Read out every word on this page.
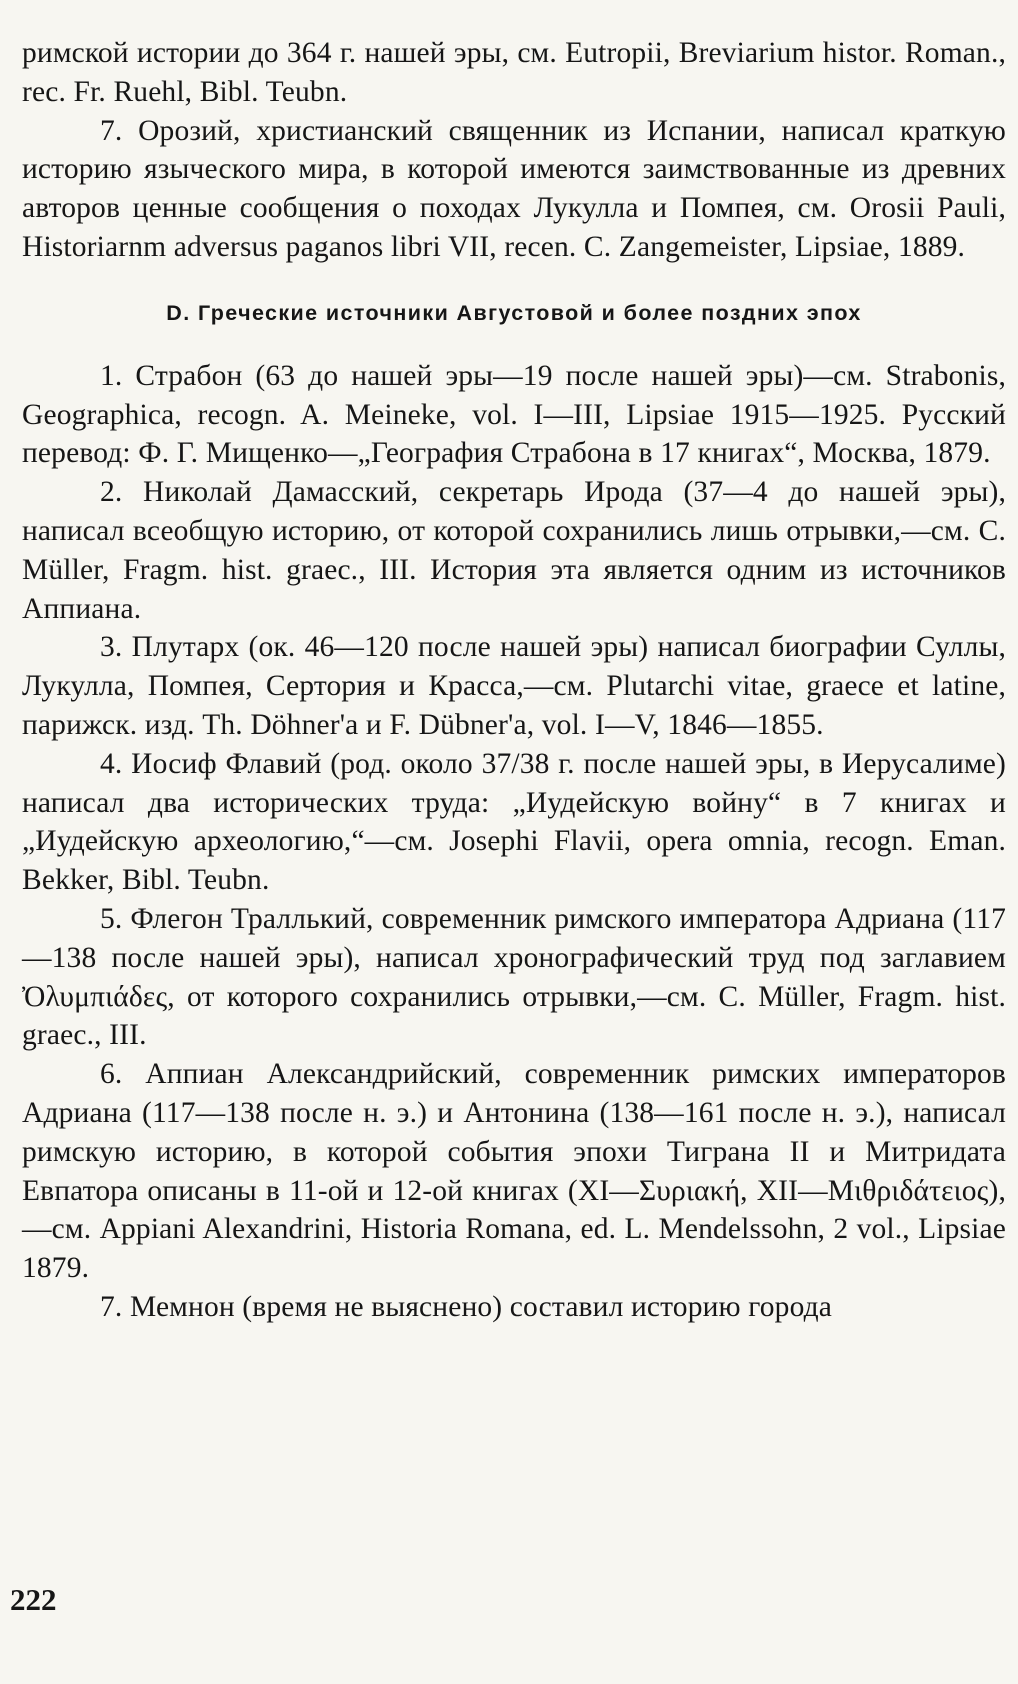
римской истории до 364 г. нашей эры, см. Eutropii, Breviarium histor. Roman., rec. Fr. Ruehl, Bibl. Teubn.

7. Орозий, христианский священник из Испании, написал краткую историю языческого мира, в которой имеются заимствованные из древних авторов ценные сообщения о походах Лукулла и Помпея, см. Orosii Pauli, Historiarnm adversus paganos libri VII, recen. C. Zangemeister, Lipsiae, 1889.

D. Греческие источники Августовой и более поздних эпох

1. Страбон (63 до нашей эры—19 после нашей эры)—см. Strabonis, Geographica, recogn. A. Meineke, vol. I—III, Lipsiae 1915—1925. Русский перевод: Ф. Г. Мищенко—„География Страбона в 17 книгах“, Москва, 1879.

2. Николай Дамасский, секретарь Ирода (37—4 до нашей эры), написал всеобщую историю, от которой сохранились лишь отрывки,—см. C. Müller, Fragm. hist. graec., III. История эта является одним из источников Аппиана.

3. Плутарх (ок. 46—120 после нашей эры) написал биографии Суллы, Лукулла, Помпея, Сертория и Красса,—см. Plutarchi vitae, graece et latine, парижск. изд. Th. Döhner'a и F. Dübner'a, vol. I—V, 1846—1855.

4. Иосиф Флавий (род. около 37/38 г. после нашей эры, в Иерусалиме) написал два исторических труда: „Иудейскую войну“ в 7 книгах и „Иудейскую археологию,“—см. Josephi Flavii, opera omnia, recogn. Eman. Bekker, Bibl. Teubn.

5. Флегон Траллький, современник римского императора Адриана (117—138 после нашей эры), написал хронографический труд под заглавием Ὀλυμπιάδες, от которого сохранились отрывки,—см. C. Müller, Fragm. hist. graec., III.

6. Аппиан Александрийский, современник римских императоров Адриана (117—138 после н. э.) и Антонина (138—161 после н. э.), написал римскую историю, в которой события эпохи Тиграна II и Митридата Евпатора описаны в 11-ой и 12-ой книгах (XI—Συριακή, XII—Μιθριδάτειος),—см. Appiani Alexandrini, Historia Romana, ed. L. Mendelssohn, 2 vol., Lipsiae 1879.

7. Мемнон (время не выяснено) составил историю города

222
